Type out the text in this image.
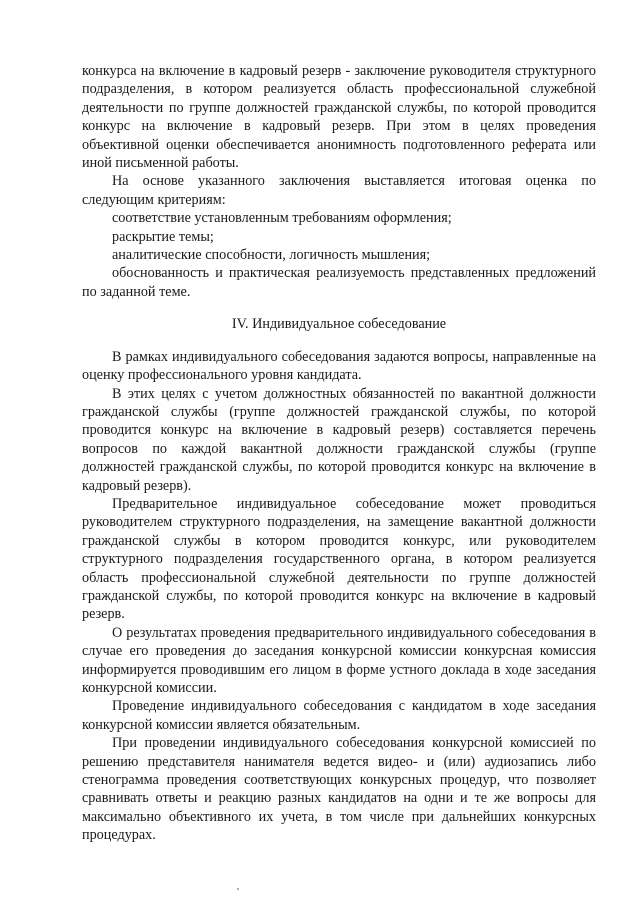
конкурса на включение в кадровый резерв - заключение руководителя структурного подразделения, в котором реализуется область профессиональной служебной деятельности по группе должностей гражданской службы, по которой проводится конкурс на включение в кадровый резерв. При этом в целях проведения объективной оценки обеспечивается анонимность подготовленного реферата или иной письменной работы.

На основе указанного заключения выставляется итоговая оценка по следующим критериям:

соответствие установленным требованиям оформления;

раскрытие темы;

аналитические способности, логичность мышления;

обоснованность и практическая реализуемость представленных предложений по заданной теме.

IV. Индивидуальное собеседование

В рамках индивидуального собеседования задаются вопросы, направленные на оценку профессионального уровня кандидата.

В этих целях с учетом должностных обязанностей по вакантной должности гражданской службы (группе должностей гражданской службы, по которой проводится конкурс на включение в кадровый резерв) составляется перечень вопросов по каждой вакантной должности гражданской службы (группе должностей гражданской службы, по которой проводится конкурс на включение в кадровый резерв).

Предварительное индивидуальное собеседование может проводиться руководителем структурного подразделения, на замещение вакантной должности гражданской службы в котором проводится конкурс, или руководителем структурного подразделения государственного органа, в котором реализуется область профессиональной служебной деятельности по группе должностей гражданской службы, по которой проводится конкурс на включение в кадровый резерв.

О результатах проведения предварительного индивидуального собеседования в случае его проведения до заседания конкурсной комиссии конкурсная комиссия информируется проводившим его лицом в форме устного доклада в ходе заседания конкурсной комиссии.

Проведение индивидуального собеседования с кандидатом в ходе заседания конкурсной комиссии является обязательным.

При проведении индивидуального собеседования конкурсной комиссией по решению представителя нанимателя ведется видео- и (или) аудиозапись либо стенограмма проведения соответствующих конкурсных процедур, что позволяет сравнивать ответы и реакцию разных кандидатов на одни и те же вопросы для максимально объективного их учета, в том числе при дальнейших конкурсных процедурах.
